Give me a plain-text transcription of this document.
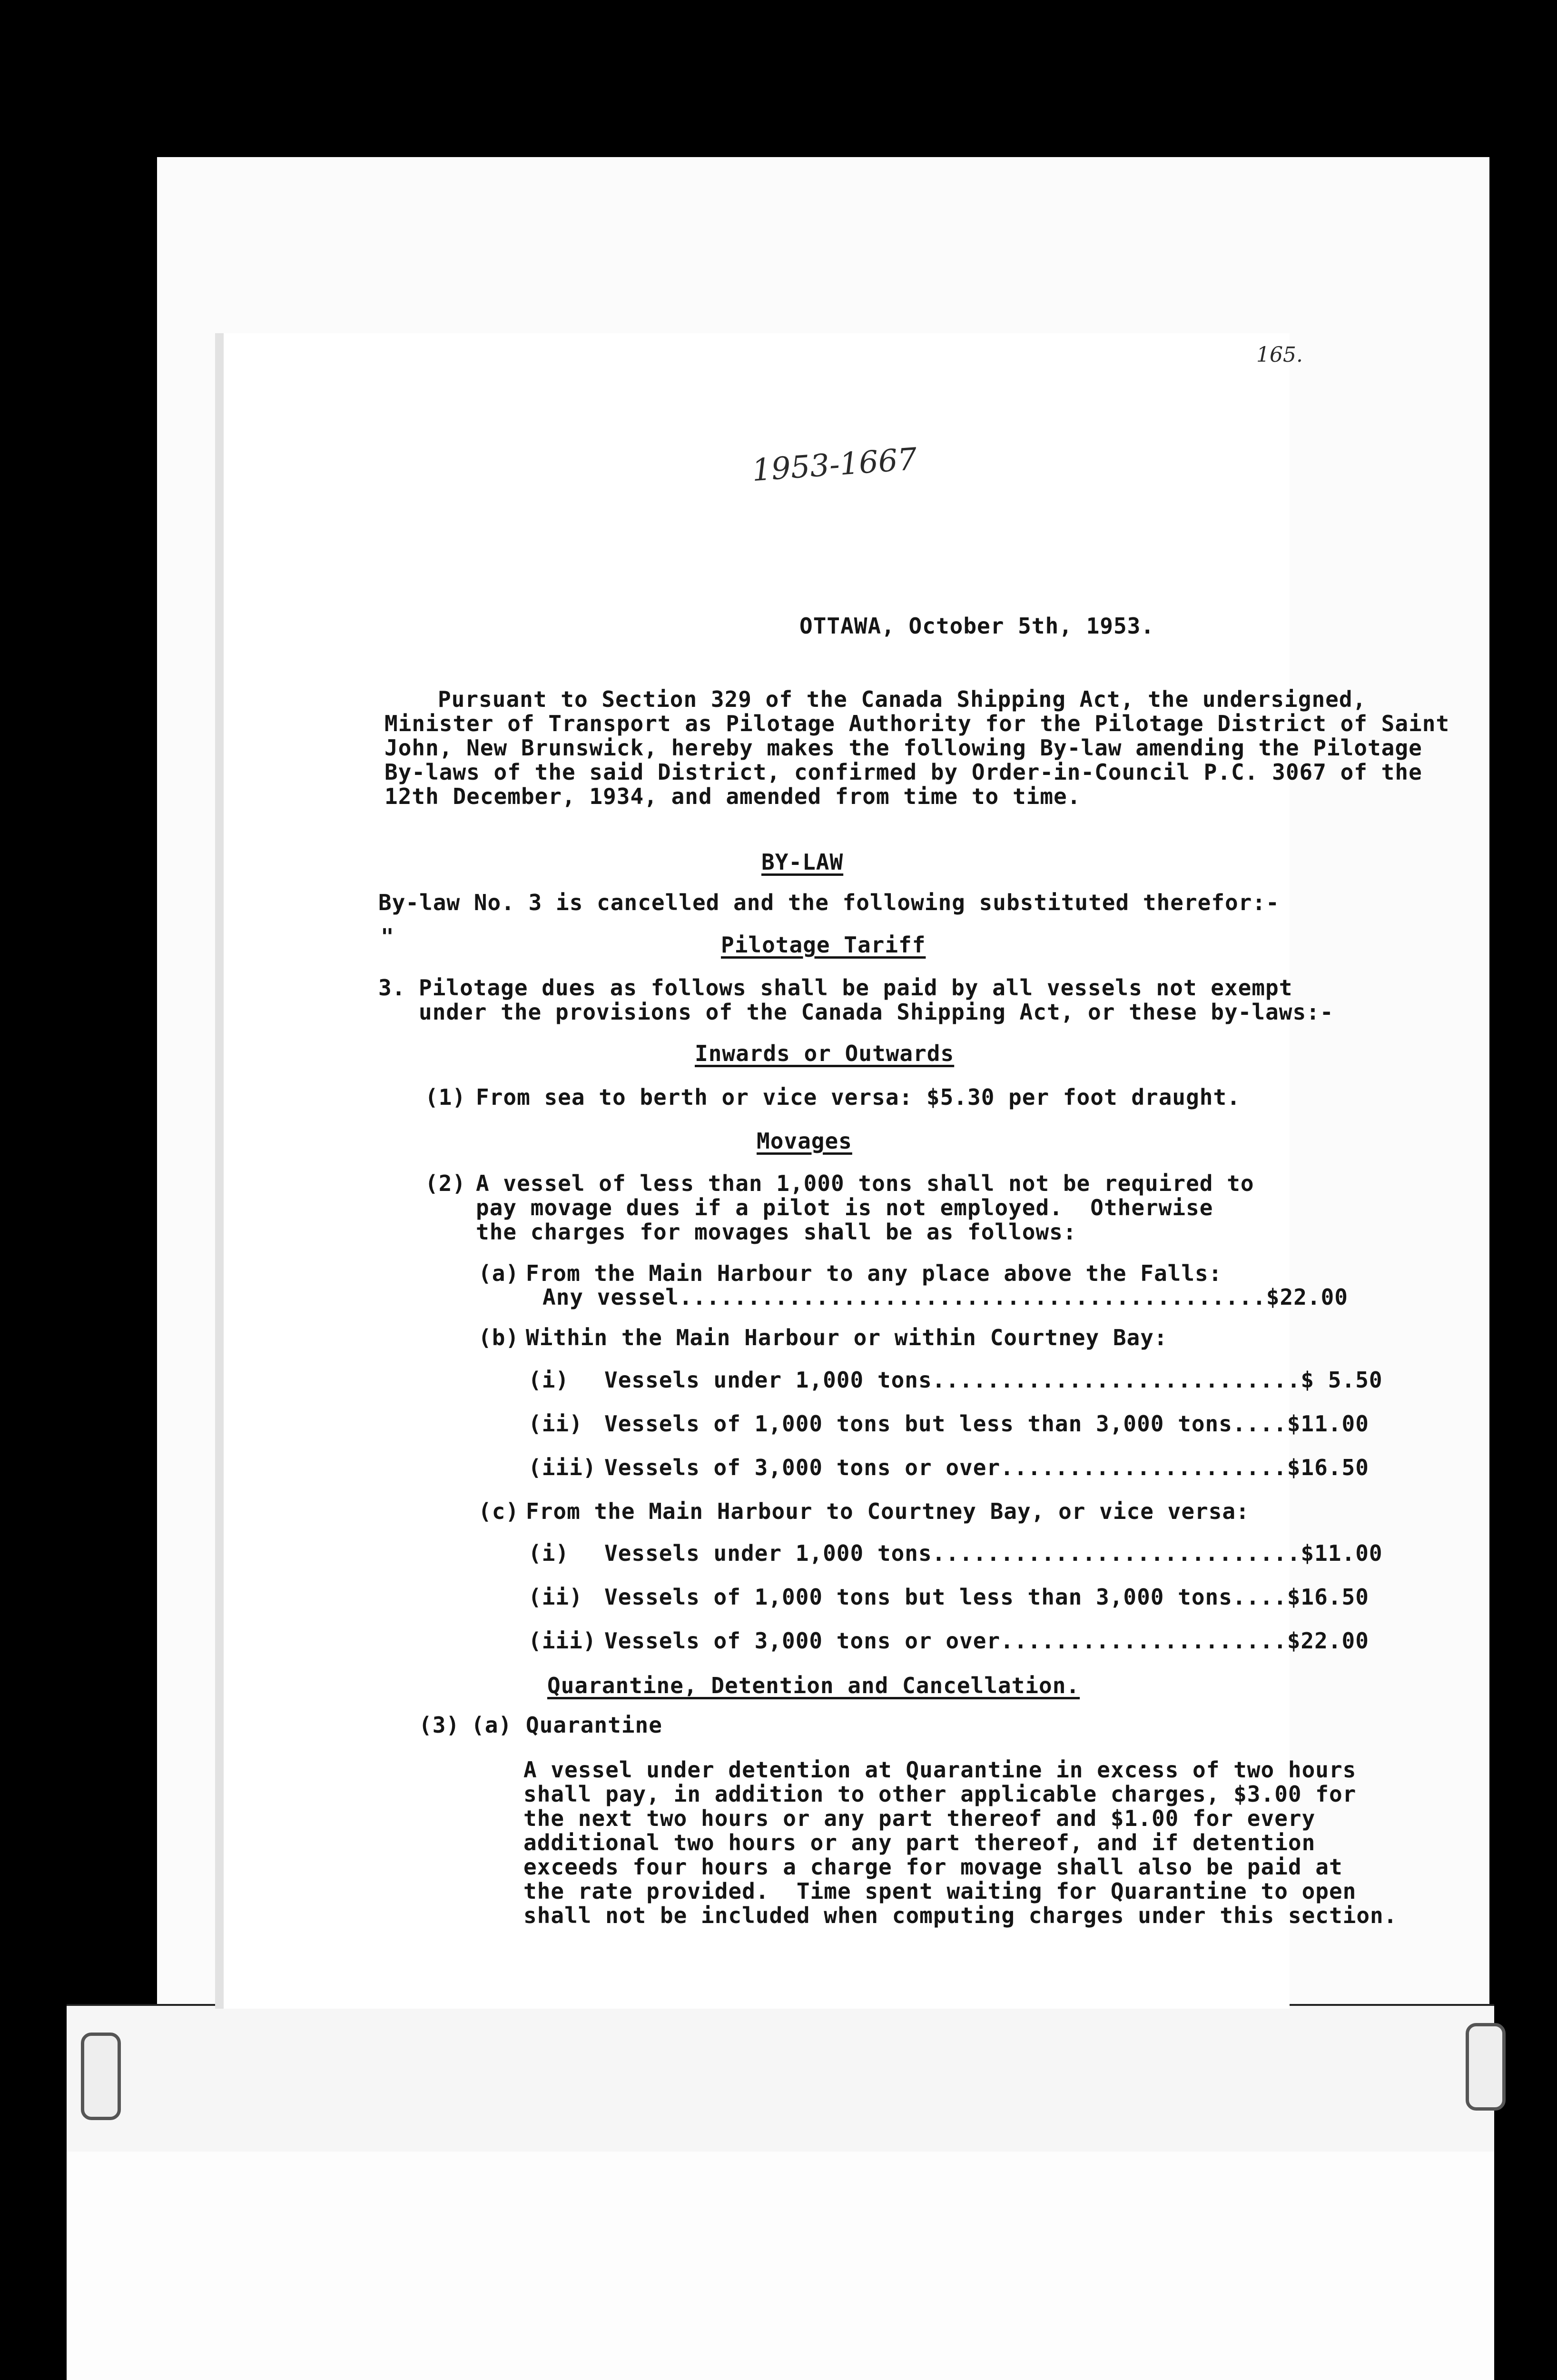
165.
1953-1667
OTTAWA, October 5th, 1953.
Pursuant to Section 329 of the Canada Shipping Act, the undersigned,
Minister of Transport as Pilotage Authority for the Pilotage District of Saint
John, New Brunswick, hereby makes the following By-law amending the Pilotage
By-laws of the said District, confirmed by Order-in-Council P.C. 3067 of the
12th December, 1934, and amended from time to time.
BY-LAW
By-law No. 3 is cancelled and the following substituted therefor:-
"	Pilotage Tariff
3. Pilotage dues as follows shall be paid by all vessels not exempt
under the provisions of the Canada Shipping Act, or these by-laws:-
Inwards or Outwards
(1) From sea to berth or vice versa: $5.30 per foot draught.
Movages
(2) A vessel of less than 1,000 tons shall not be required to
pay movage dues if a pilot is not employed.  Otherwise
the charges for movages shall be as follows:
(a) From the Main Harbour to any place above the Falls:
Any vessel...........................................$22.00
(b) Within the Main Harbour or within Courtney Bay:
(i) Vessels under 1,000 tons...........................$ 5.50
(ii) Vessels of 1,000 tons but less than 3,000 tons....$11.00
(iii) Vessels of 3,000 tons or over.....................$16.50
(c) From the Main Harbour to Courtney Bay, or vice versa:
(i) Vessels under 1,000 tons...........................$11.00
(ii) Vessels of 1,000 tons but less than 3,000 tons....$16.50
(iii) Vessels of 3,000 tons or over.....................$22.00
Quarantine, Detention and Cancellation.
(3) (a) Quarantine
A vessel under detention at Quarantine in excess of two hours
shall pay, in addition to other applicable charges, $3.00 for
the next two hours or any part thereof and $1.00 for every
additional two hours or any part thereof, and if detention
exceeds four hours a charge for movage shall also be paid at
the rate provided.  Time spent waiting for Quarantine to open
shall not be included when computing charges under this section.
